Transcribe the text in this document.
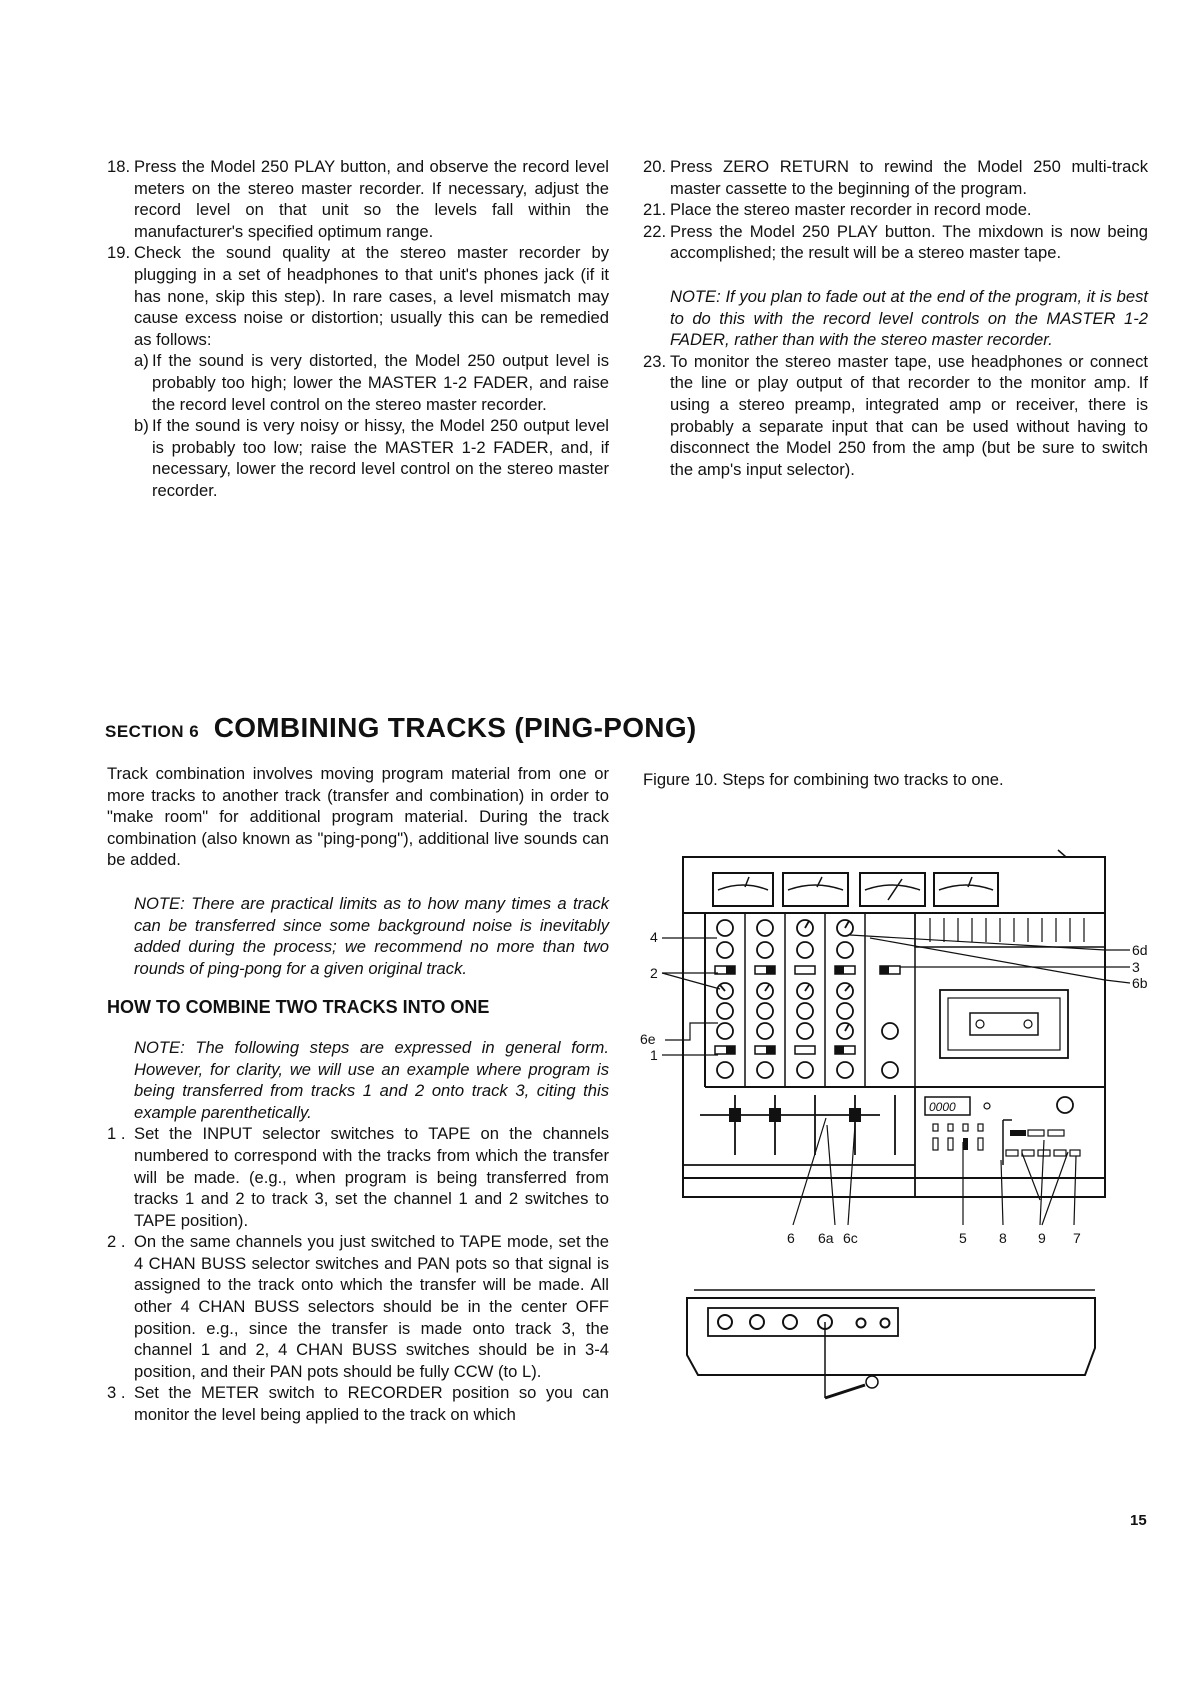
18. Press the Model 250 PLAY button, and observe the record level meters on the stereo master recorder. If necessary, adjust the record level on that unit so the levels fall within the manufacturer's specified optimum range.
19. Check the sound quality at the stereo master recorder by plugging in a set of headphones to that unit's phones jack (if it has none, skip this step). In rare cases, a level mismatch may cause excess noise or distortion; usually this can be remedied as follows:
a) If the sound is very distorted, the Model 250 output level is probably too high; lower the MASTER 1-2 FADER, and raise the record level control on the stereo master recorder.
b) If the sound is very noisy or hissy, the Model 250 output level is probably too low; raise the MASTER 1-2 FADER, and, if necessary, lower the record level control on the stereo master recorder.
20. Press ZERO RETURN to rewind the Model 250 multi-track master cassette to the beginning of the program.
21. Place the stereo master recorder in record mode.
22. Press the Model 250 PLAY button. The mixdown is now being accomplished; the result will be a stereo master tape.
NOTE: If you plan to fade out at the end of the program, it is best to do this with the record level controls on the MASTER 1-2 FADER, rather than with the stereo master recorder.
23. To monitor the stereo master tape, use headphones or connect the line or play output of that recorder to the monitor amp. If using a stereo preamp, integrated amp or receiver, there is probably a separate input that can be used without having to disconnect the Model 250 from the amp (but be sure to switch the amp's input selector).
SECTION 6 COMBINING TRACKS (PING-PONG)
Track combination involves moving program material from one or more tracks to another track (transfer and combination) in order to "make room" for additional program material. During the track combination (also known as "ping-pong"), additional live sounds can be added.
NOTE: There are practical limits as to how many times a track can be transferred since some background noise is inevitably added during the process; we recommend no more than two rounds of ping-pong for a given original track.
HOW TO COMBINE TWO TRACKS INTO ONE
NOTE: The following steps are expressed in general form. However, for clarity, we will use an example where program is being transferred from tracks 1 and 2 onto track 3, citing this example parenthetically.
1 . Set the INPUT selector switches to TAPE on the channels numbered to correspond with the tracks from which the transfer will be made. (e.g., when program is being transferred from tracks 1 and 2 to track 3, set the channel 1 and 2 switches to TAPE position).
2 . On the same channels you just switched to TAPE mode, set the 4 CHAN BUSS selector switches and PAN pots so that signal is assigned to the track onto which the transfer will be made. All other 4 CHAN BUSS selectors should be in the center OFF position. e.g., since the transfer is made onto track 3, the channel 1 and 2, 4 CHAN BUSS switches should be in 3-4 position, and their PAN pots should be fully CCW (to L).
3 . Set the METER switch to RECORDER position so you can monitor the level being applied to the track on which
Figure 10. Steps for combining two tracks to one.
4
2
6e
1
6d
3
6b
6 6a 6c	5 8 9 7
0000
15
